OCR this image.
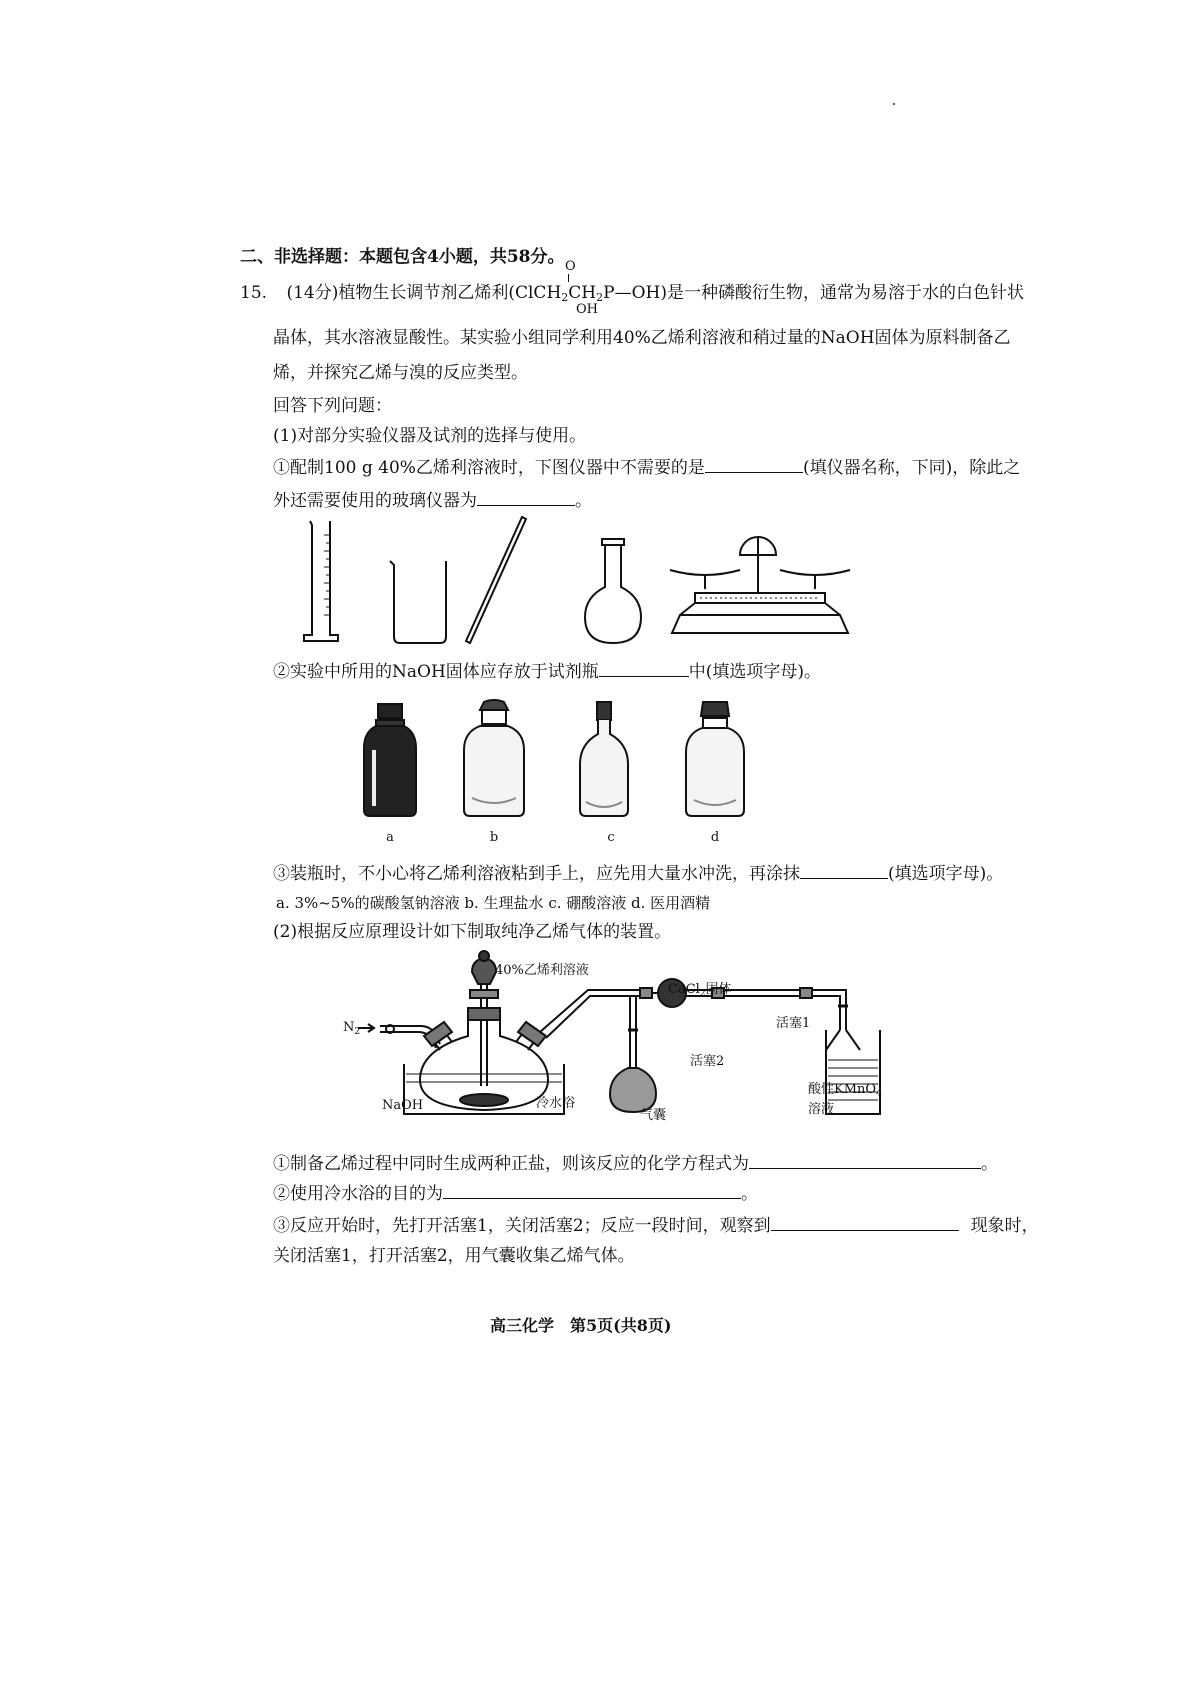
二、非选择题：本题包含4小题，共58分。 O
15. (14分)植物生长调节剂乙烯利$(ClCH_2CH_2P—OH)$是一种磷酸衍生物，通常为易溶于水的白色针状
OH
晶体，其水溶液显酸性。某实验小组同学利用40%乙烯利溶液和稍过量的NaOH固体为原料制备乙
烯，并探究乙烯与溴的反应类型。
回答下列问题：
(1)对部分实验仪器及试剂的选择与使用。
①配制100 g 40%乙烯利溶液时，下图仪器中不需要的是	(填仪器名称，下同)，除此之
外还需要使用的玻璃仪器为	。
②实验中所用的NaOH固体应存放于试剂瓶	中(填选项字母)。
a	b	c	d
③装瓶时，不小心将乙烯利溶液粘到手上，应先用大量水冲洗，再涂抹	(填选项字母)。
a. 3%~5%的碳酸氢钠溶液 b. 生理盐水 c. 硼酸溶液 d. 医用酒精
(2)根据反应原理设计如下制取纯净乙烯气体的装置。
40%乙烯利溶液
$N_2$
CaCl$_2$固体
活塞1
活塞2
酸性KMnO$_4$
溶液
NaOH	冷水浴
气囊
①制备乙烯过程中同时生成两种正盐，则该反应的化学方程式为	。
②使用冷水浴的目的为	。
③反应开始时，先打开活塞1，关闭活塞2；反应一段时间，观察到	现象时，
关闭活塞1，打开活塞2，用气囊收集乙烯气体。
高三化学　第5页(共8页)
